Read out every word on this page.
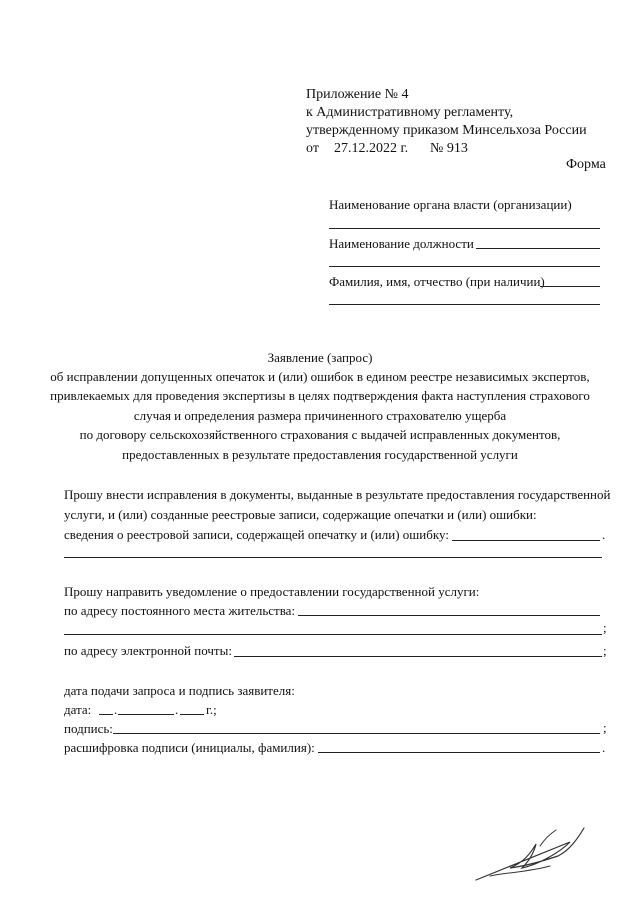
Приложение № 4
к Административному регламенту,
утвержденному приказом Минсельхоза России
от 27.12.2022 г. № 913
Форма
Наименование органа власти (организации)
Наименование должности
Фамилия, имя, отчество (при наличии)
Заявление (запрос)
об исправлении допущенных опечаток и (или) ошибок в едином реестре независимых экспертов,
привлекаемых для проведения экспертизы в целях подтверждения факта наступления страхового
случая и определения размера причиненного страхователю ущерба
по договору сельскохозяйственного страхования с выдачей исправленных документов,
предоставленных в результате предоставления государственной услуги
Прошу внести исправления в документы, выданные в результате предоставления государственной
услуги, и (или) созданные реестровые записи, содержащие опечатки и (или) ошибки:
сведения о реестровой записи, содержащей опечатку и (или) ошибку:	.
Прошу направить уведомление о предоставлении государственной услуги:
по адресу постоянного места жительства:
;
по адресу электронной почты:	;
дата подачи запроса и подпись заявителя:
дата: .	. г.;
подпись:	;
расшифровка подписи (инициалы, фамилия):	.
